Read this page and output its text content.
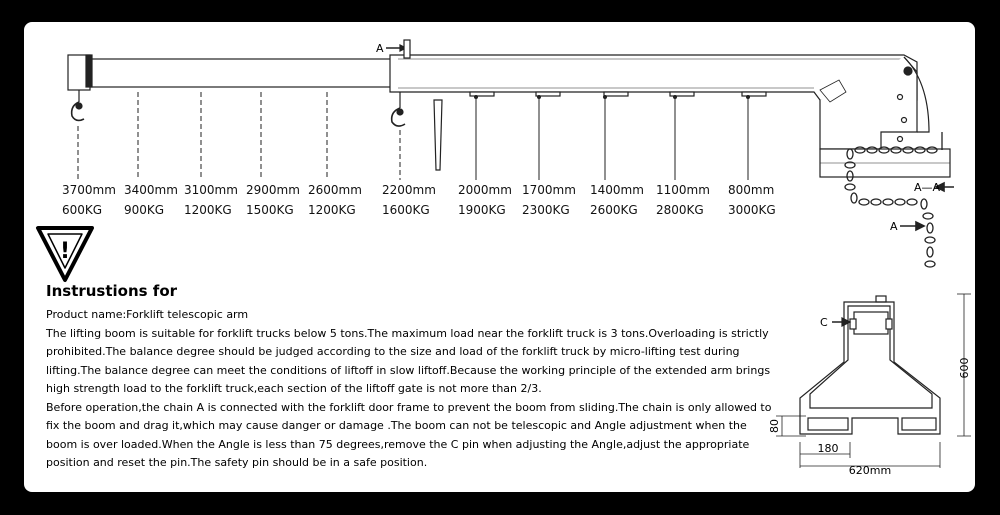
A
A—A
A
!
C
600
80
180
620mm
3700mm
600KG
3400mm
900KG
3100mm
1200KG
2900mm
1500KG
2600mm
1200KG
2200mm
1600KG
2000mm
1900KG
1700mm
2300KG
1400mm
2600KG
1100mm
2800KG
800mm
3000KG
Instrustions for

Product name:Forklift telescopic arm

The lifting boom is suitable for forklift trucks below 5 tons.The maximum load near the forklift truck is 3 tons.Overloading is strictly prohibited.The balance degree should be judged according to the size and load of the forklift truck by micro-lifting test during lifting.The balance degree can meet the conditions of liftoff in slow liftoff.Because the working principle of the extended arm brings high strength load to the forklift truck,each section of the liftoff gate is not more than 2/3.

Before operation,the chain A is connected with the forklift door frame to prevent the boom from sliding.The chain is only allowed to fix the boom and drag it,which may cause danger or damage .The boom can not be telescopic and Angle adjustment when the boom is over loaded.When the Angle is less than 75 degrees,remove the C pin when adjusting the Angle,adjust the appropriate position and reset the pin.The safety pin should be in a safe position.
